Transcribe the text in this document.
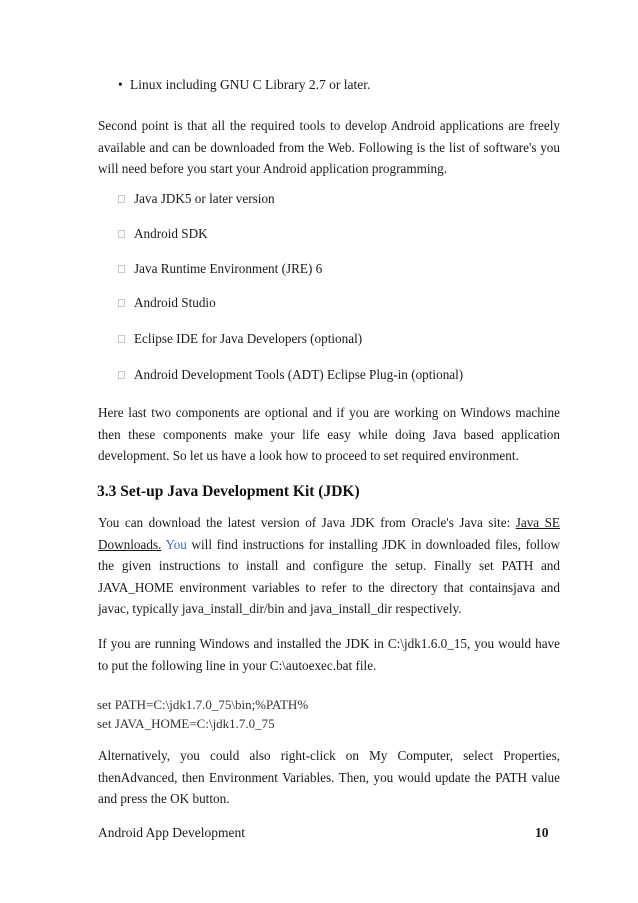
• Linux including GNU C Library 2.7 or later.
Second point is that all the required tools to develop Android applications are freely available and can be downloaded from the Web. Following is the list of software's you will need before you start your Android application programming.
Java JDK5 or later version
Android SDK
Java Runtime Environment (JRE) 6
Android Studio
Eclipse IDE for Java Developers (optional)
Android Development Tools (ADT) Eclipse Plug-in (optional)
Here last two components are optional and if you are working on Windows machine then these components make your life easy while doing Java based application development. So let us have a look how to proceed to set required environment.
3.3 Set-up Java Development Kit (JDK)
You can download the latest version of Java JDK from Oracle's Java site: Java SE Downloads. You will find instructions for installing JDK in downloaded files, follow the given instructions to install and configure the setup. Finally set PATH and JAVA_HOME environment variables to refer to the directory that containsjava and javac, typically java_install_dir/bin and java_install_dir respectively.
If you are running Windows and installed the JDK in C:\jdk1.6.0_15, you would have to put the following line in your C:\autoexec.bat file.
set PATH=C:\jdk1.7.0_75\bin;%PATH%
set JAVA_HOME=C:\jdk1.7.0_75
Alternatively, you could also right-click on My Computer, select Properties, thenAdvanced, then Environment Variables. Then, you would update the PATH value and press the OK button.
Android App Development	10
